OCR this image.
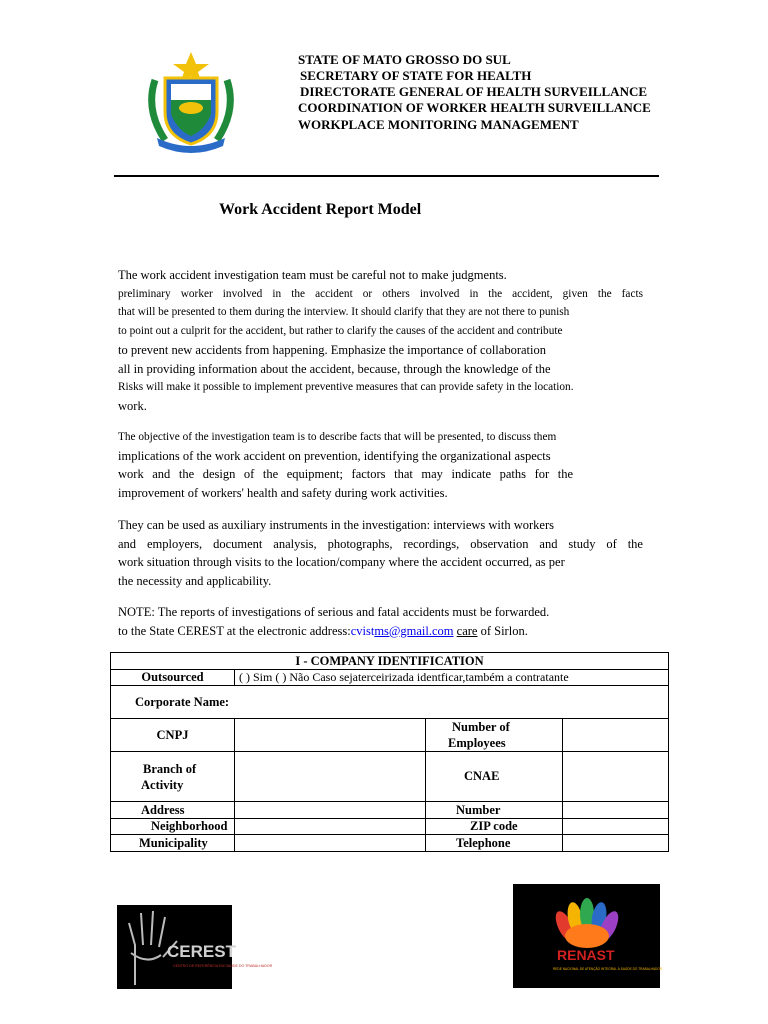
STATE OF MATO GROSSO DO SUL
SECRETARY OF STATE FOR HEALTH
DIRECTORATE GENERAL OF HEALTH SURVEILLANCE
COORDINATION OF WORKER HEALTH SURVEILLANCE
WORKPLACE MONITORING MANAGEMENT
Work Accident Report Model
The work accident investigation team must be careful not to make judgments.
preliminary worker involved in the accident or others involved in the accident, given the facts
that will be presented to them during the interview. It should clarify that they are not there to punish
to point out a culprit for the accident, but rather to clarify the causes of the accident and contribute
to prevent new accidents from happening. Emphasize the importance of collaboration
all in providing information about the accident, because, through the knowledge of the
Risks will make it possible to implement preventive measures that can provide safety in the location.
work.
The objective of the investigation team is to describe facts that will be presented, to discuss them
implications of the work accident on prevention, identifying the organizational aspects
work and the design of the equipment; factors that may indicate paths for the
improvement of workers' health and safety during work activities.
They can be used as auxiliary instruments in the investigation: interviews with workers
and employers, document analysis, photographs, recordings, observation and study of the
work situation through visits to the location/company where the accident occurred, as per
the necessity and applicability.
NOTE: The reports of investigations of serious and fatal accidents must be forwarded.
to the State CEREST at the electronic address:cvistms@gmail.com care of Sirlon.
I - COMPANY IDENTIFICATION			
Outsourced	( ) Sim ( ) Não Caso sejaterceirizada identficar,também a contratante		
Corporate Name:			
CNPJ		Number of
Employees	

Branch of
Activity		CNAE	
Address		Number	
Neighborhood		ZIP code	
Municipality		Telephone	
CEREST
CENTRO DE REFERÊNCIA EM SAÚDE DO TRABALHADOR
RENAST
REDE NACIONAL DE ATENÇÃO INTEGRAL À SAÚDE DO TRABALHADOR
